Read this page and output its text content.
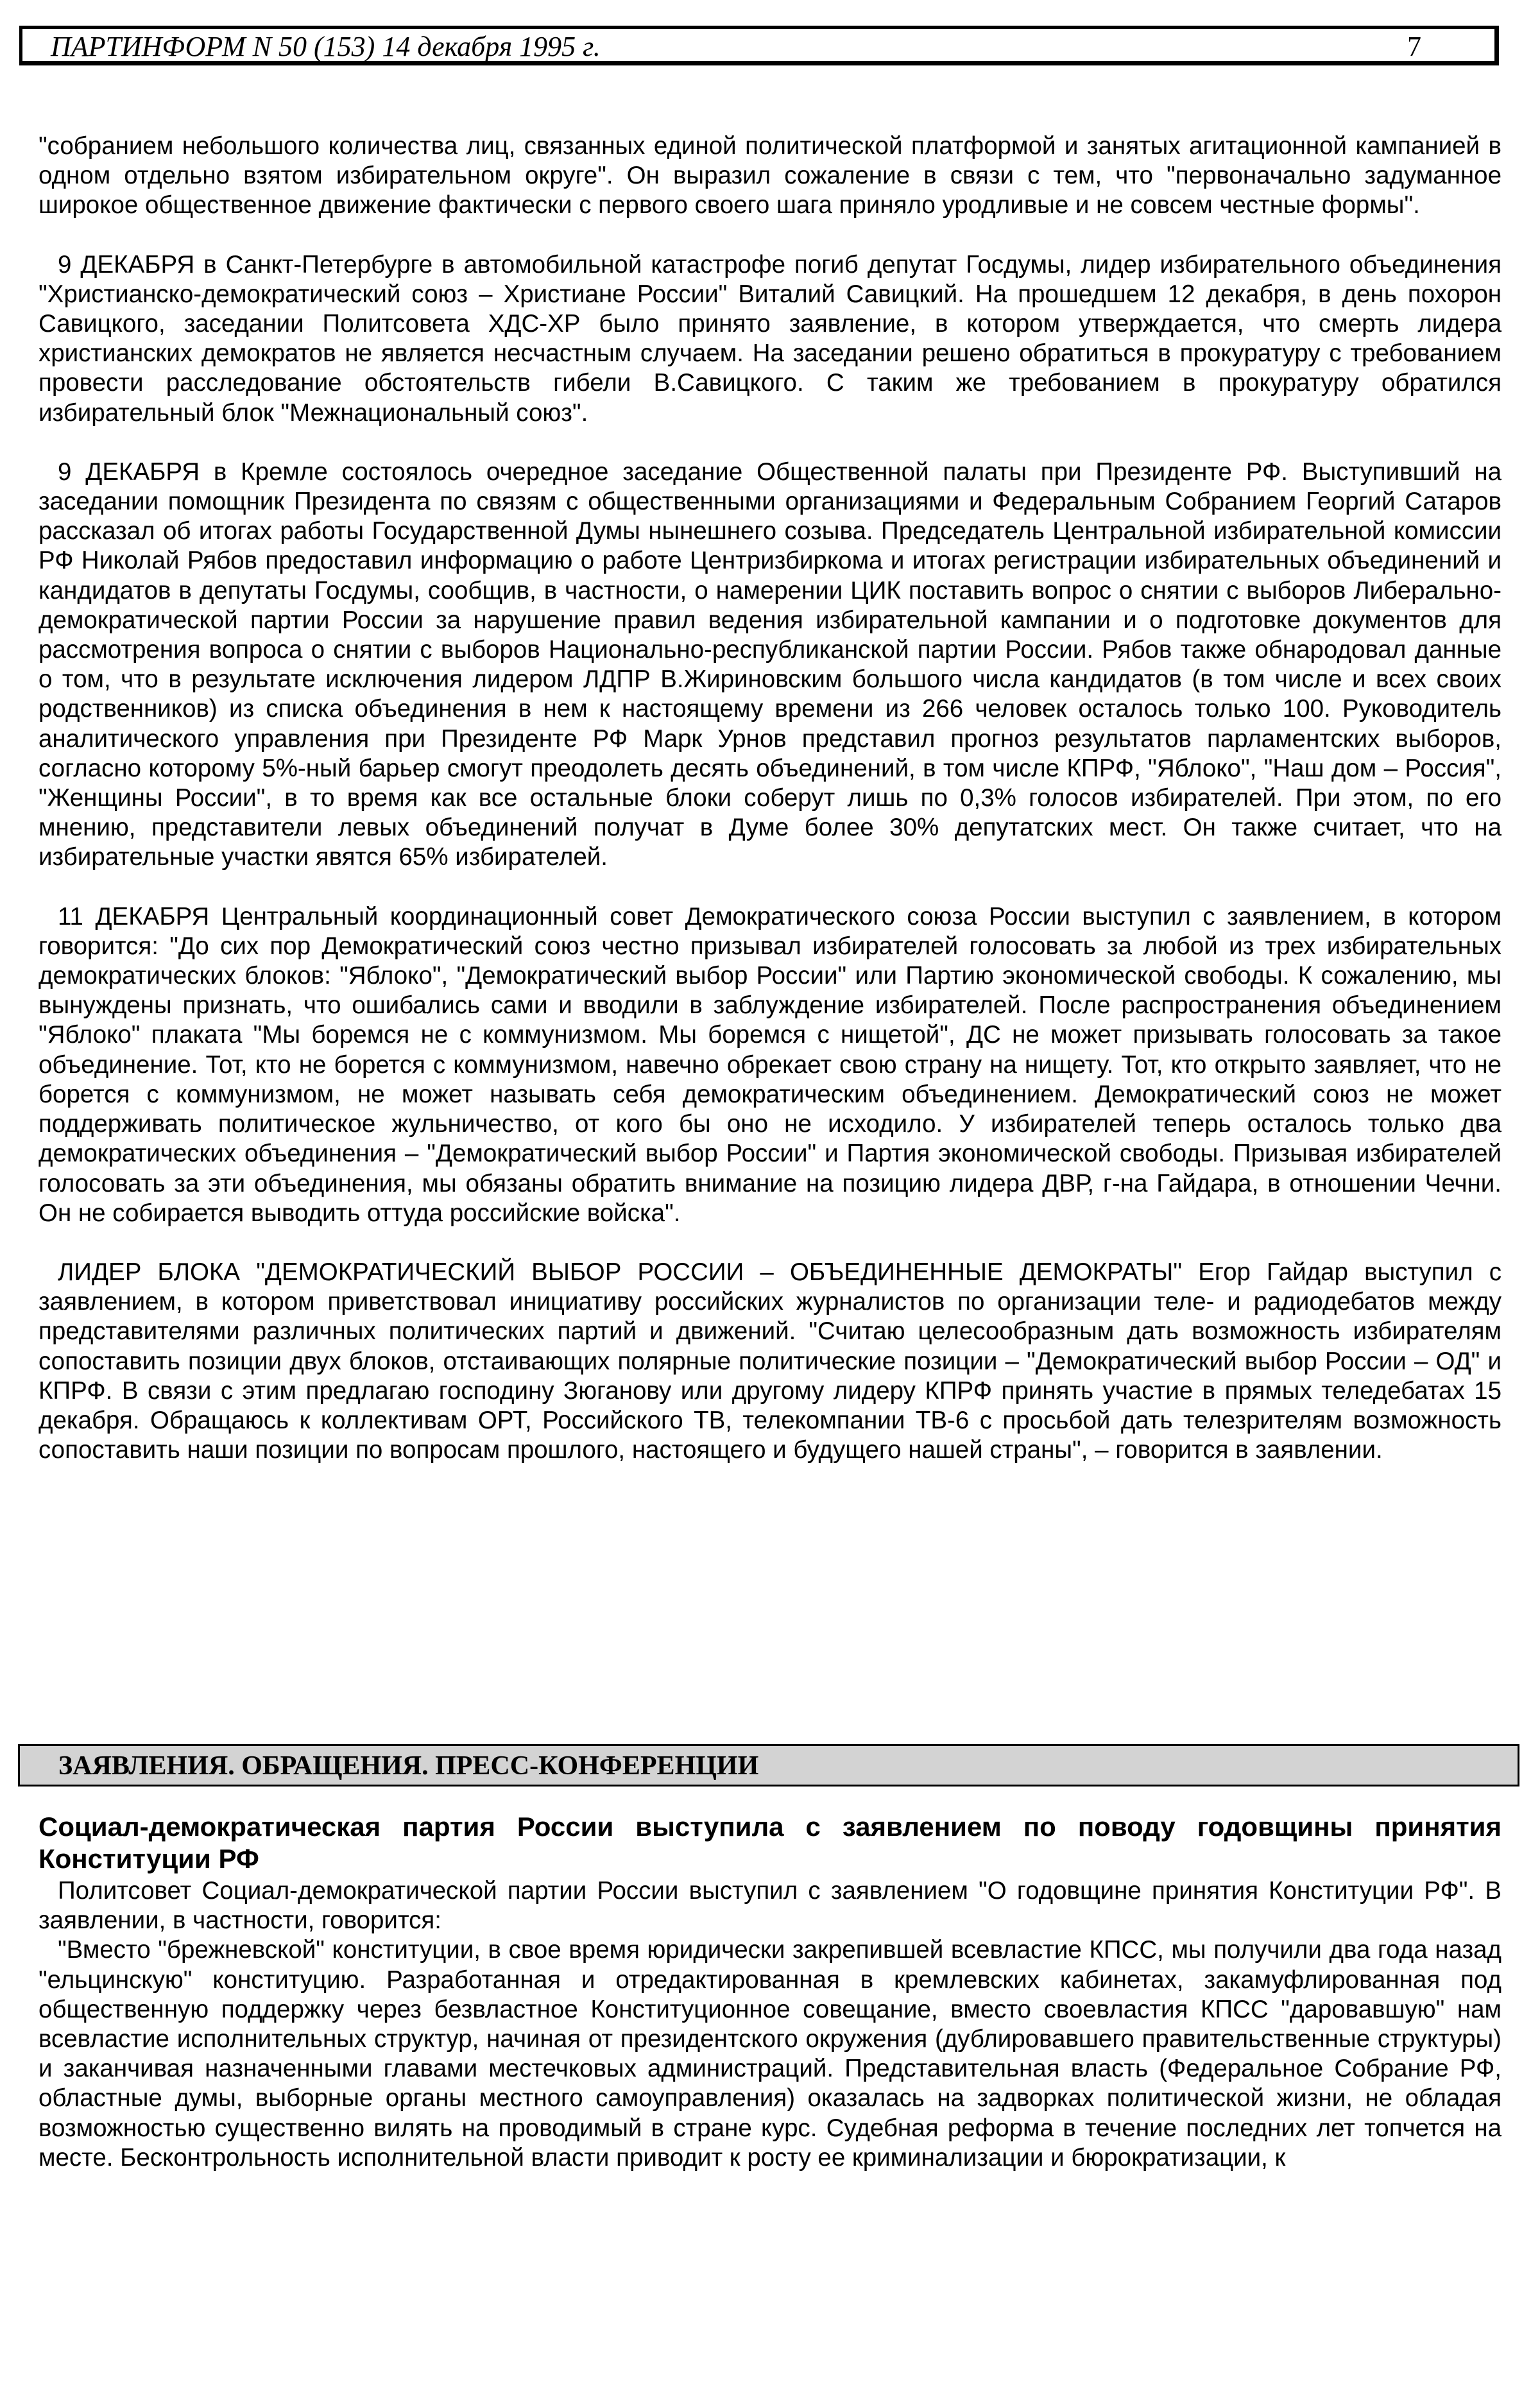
ПАРТИНФОРМ N 50 (153) 14 декабря 1995 г.	7

"собранием небольшого количества лиц, связанных единой политической платформой и занятых агитационной кампанией в одном отдельно взятом избирательном округе". Он выразил сожаление в связи с тем, что "первоначально задуманное широкое общественное движение фактически с первого своего шага приняло уродливые и не совсем честные формы".

9 ДЕКАБРЯ в Санкт-Петербурге в автомобильной катастрофе погиб депутат Госдумы, лидер избирательного объединения "Христианско-демократический союз – Христиане России" Виталий Савицкий. На прошедшем 12 декабря, в день похорон Савицкого, заседании Политсовета ХДС-ХР было принято заявление, в котором утверждается, что смерть лидера христианских демократов не является несчастным случаем. На заседании решено обратиться в прокуратуру с требованием провести расследование обстоятельств гибели В.Савицкого. С таким же требованием в прокуратуру обратился избирательный блок "Межнациональный союз".

9 ДЕКАБРЯ в Кремле состоялось очередное заседание Общественной палаты при Президенте РФ. Выступивший на заседании помощник Президента по связям с общественными организациями и Федеральным Собранием Георгий Сатаров рассказал об итогах работы Государственной Думы нынешнего созыва. Председатель Центральной избирательной комиссии РФ Николай Рябов предоставил информацию о работе Центризбиркома и итогах регистрации избирательных объединений и кандидатов в депутаты Госдумы, сообщив, в частности, о намерении ЦИК поставить вопрос о снятии с выборов Либерально-демократической партии России за нарушение правил ведения избирательной кампании и о подготовке документов для рассмотрения вопроса о снятии с выборов Национально-республиканской партии России. Рябов также обнародовал данные о том, что в результате исключения лидером ЛДПР В.Жириновским большого числа кандидатов (в том числе и всех своих родственников) из списка объединения в нем к настоящему времени из 266 человек осталось только 100. Руководитель аналитического управления при Президенте РФ Марк Урнов представил прогноз результатов парламентских выборов, согласно которому 5%-ный барьер смогут преодолеть десять объединений, в том числе КПРФ, "Яблоко", "Наш дом – Россия", "Женщины России", в то время как все остальные блоки соберут лишь по 0,3% голосов избирателей. При этом, по его мнению, представители левых объединений получат в Думе более 30% депутатских мест. Он также считает, что на избирательные участки явятся 65% избирателей.

11 ДЕКАБРЯ Центральный координационный совет Демократического союза России выступил с заявлением, в котором говорится: "До сих пор Демократический союз честно призывал избирателей голосовать за любой из трех избирательных демократических блоков: "Яблоко", "Демократический выбор России" или Партию экономической свободы. К сожалению, мы вынуждены признать, что ошибались сами и вводили в заблуждение избирателей. После распространения объединением "Яблоко" плаката "Мы боремся не с коммунизмом. Мы боремся с нищетой", ДС не может призывать голосовать за такое объединение. Тот, кто не борется с коммунизмом, навечно обрекает свою страну на нищету. Тот, кто открыто заявляет, что не борется с коммунизмом, не может называть себя демократическим объединением. Демократический союз не может поддерживать политическое жульничество, от кого бы оно не исходило. У избирателей теперь осталось только два демократических объединения – "Демократический выбор России" и Партия экономической свободы. Призывая избирателей голосовать за эти объединения, мы обязаны обратить внимание на позицию лидера ДВР, г-на Гайдара, в отношении Чечни. Он не собирается выводить оттуда российские войска".

ЛИДЕР БЛОКА "ДЕМОКРАТИЧЕСКИЙ ВЫБОР РОССИИ – ОБЪЕДИНЕННЫЕ ДЕМОКРАТЫ" Егор Гайдар выступил с заявлением, в котором приветствовал инициативу российских журналистов по организации теле- и радиодебатов между представителями различных политических партий и движений. "Считаю целесообразным дать возможность избирателям сопоставить позиции двух блоков, отстаивающих полярные политические позиции – "Демократический выбор России – ОД" и КПРФ. В связи с этим предлагаю господину Зюганову или другому лидеру КПРФ принять участие в прямых теледебатах 15 декабря. Обращаюсь к коллективам ОРТ, Российского ТВ, телекомпании ТВ-6 с просьбой дать телезрителям возможность сопоставить наши позиции по вопросам прошлого, настоящего и будущего нашей страны", – говорится в заявлении.

ЗАЯВЛЕНИЯ. ОБРАЩЕНИЯ. ПРЕСС-КОНФЕРЕНЦИИ
Социал-демократическая партия России выступила с заявлением по поводу годовщины принятия Конституции РФ

Политсовет Социал-демократической партии России выступил с заявлением "О годовщине принятия Конституции РФ". В заявлении, в частности, говорится:

"Вместо "брежневской" конституции, в свое время юридически закрепившей всевластие КПСС, мы получили два года назад "ельцинскую" конституцию. Разработанная и отредактированная в кремлевских кабинетах, закамуфлированная под общественную поддержку через безвластное Конституционное совещание, вместо своевластия КПСС "даровавшую" нам всевластие исполнительных структур, начиная от президентского окружения (дублировавшего правительственные структуры) и заканчивая назначенными главами местечковых администраций. Представительная власть (Федеральное Собрание РФ, областные думы, выборные органы местного самоуправления) оказалась на задворках политической жизни, не обладая возможностью существенно вилять на проводимый в стране курс. Судебная реформа в течение последних лет топчется на месте. Бесконтрольность исполнительной власти приводит к росту ее криминализации и бюрократизации, к
